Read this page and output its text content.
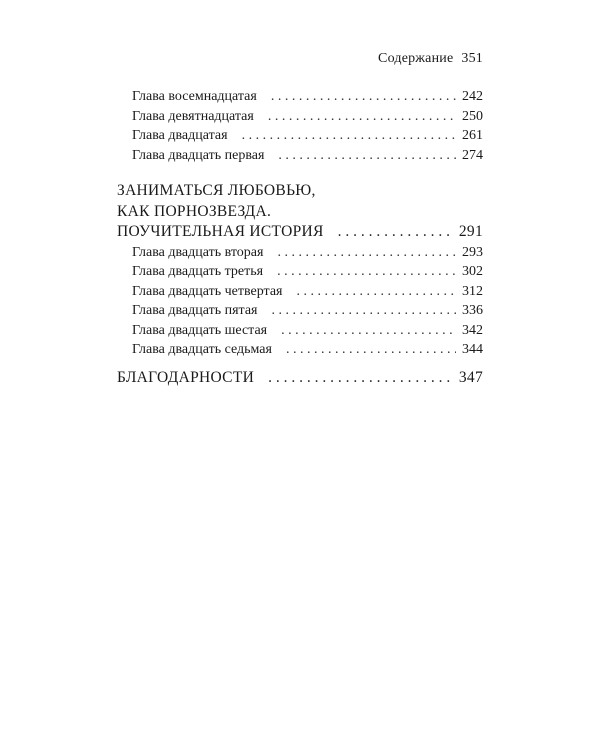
Содержание 351
Глава восемнадцатая . . .	242
Глава девятнадцатая . . .	250
Глава двадцатая . . .	261
Глава двадцать первая . . .	274
ЗАНИМАТЬСЯ ЛЮБОВЬЮ,
КАК ПОРНОЗВЕЗДА.
ПОУЧИТЕЛЬНАЯ ИСТОРИЯ . . .	291
Глава двадцать вторая . . .	293
Глава двадцать третья . . .	302
Глава двадцать четвертая . . .	312
Глава двадцать пятая . . .	336
Глава двадцать шестая . . .	342
Глава двадцать седьмая . . .	344
БЛАГОДАРНОСТИ . . .	347
